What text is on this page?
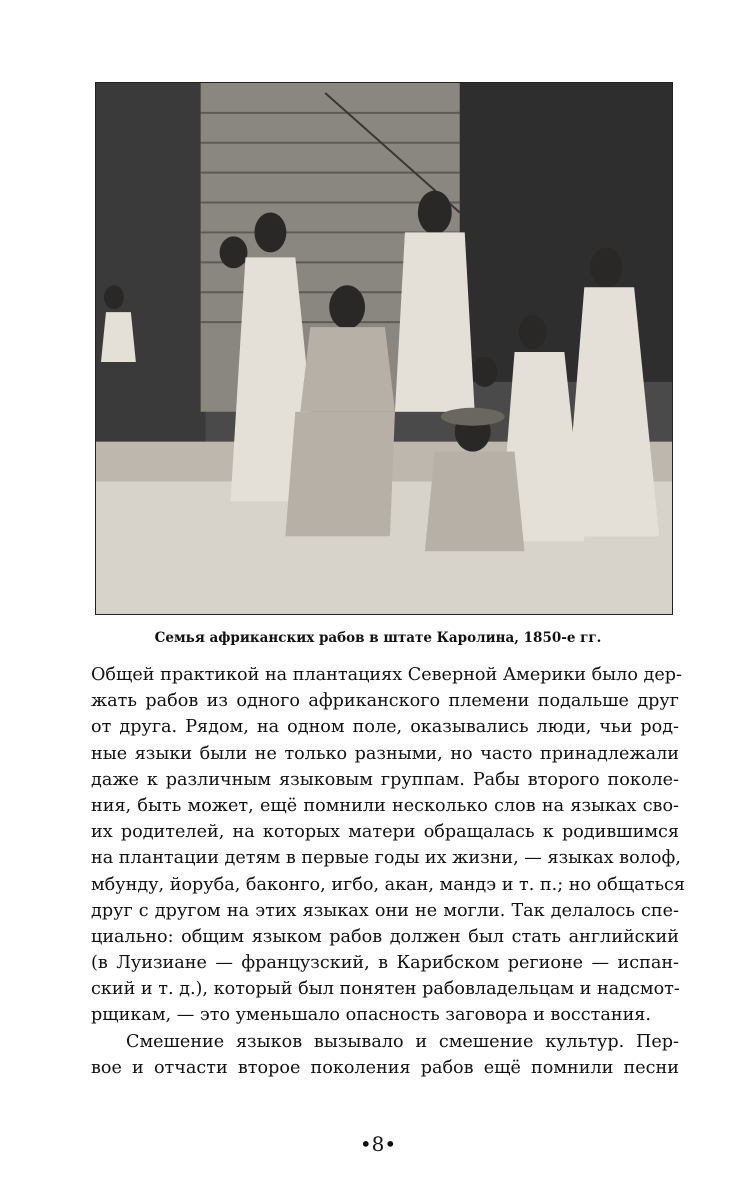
Семья африканских рабов в штате Каролина, 1850-е гг.
Общей практикой на плантациях Северной Америки было дер-
жать рабов из одного африканского племени подальше друг
от друга. Рядом, на одном поле, оказывались люди, чьи род-
ные языки были не только разными, но часто принадлежали
даже к различным языковым группам. Рабы второго поколе-
ния, быть может, ещё помнили несколько слов на языках сво-
их родителей, на которых матери обращалась к родившимся
на плантации детям в первые годы их жизни, — языках волоф,
мбунду, йоруба, баконго, игбо, акан, мандэ и т. п.; но общаться
друг с другом на этих языках они не могли. Так делалось спе-
циально: общим языком рабов должен был стать английский
(в Луизиане — французский, в Карибском регионе — испан-
ский и т. д.), который был понятен рабовладельцам и надсмот-
рщикам, — это уменьшало опасность заговора и восстания.
Смешение языков вызывало и смешение культур. Пер-
вое и отчасти второе поколения рабов ещё помнили песни
•8•
